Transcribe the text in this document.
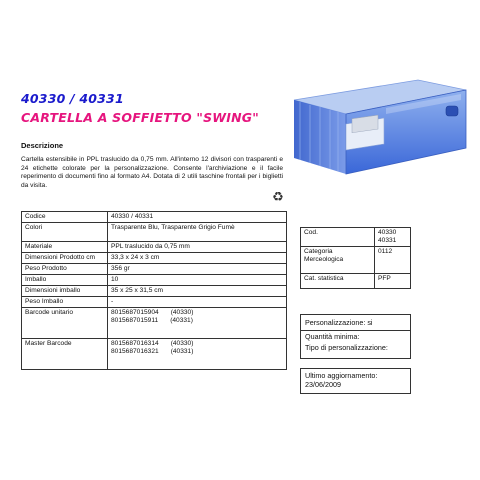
40330 / 40331
CARTELLA A SOFFIETTO "SWING"
Descrizione
Cartella estensibile in PPL traslucido da 0,75 mm. All'interno 12 divisori con trasparenti e 24 etichette colorate per la personalizzazione. Consente l'archiviazione e il facile reperimento di documenti fino al formato A4. Dotata di 2 utili taschine frontali per i biglietti da visita.
♻
Codice	40330 / 40331
Colori	Trasparente Blu, Trasparente Grigio Fumè
Materiale	PPL traslucido da 0,75 mm
Dimensioni Prodotto cm	33,3 x 24 x 3 cm
Peso Prodotto	356 gr
Imballo	10
Dimensioni imballo	35 x 25 x 31,5 cm
Peso Imballo	-
Barcode unitario	8015687015904 (40330)
8015687015911 (40331)

Master Barcode	8015687016314 (40330)
8015687016321 (40331)
Cod.	40330
40331

Categoria Merceologica	0112
Cat. statistica	PFP
Personalizzazione: si
Quantità minima:
Tipo di personalizzazione:
Ultimo aggiornamento:
23/06/2009
